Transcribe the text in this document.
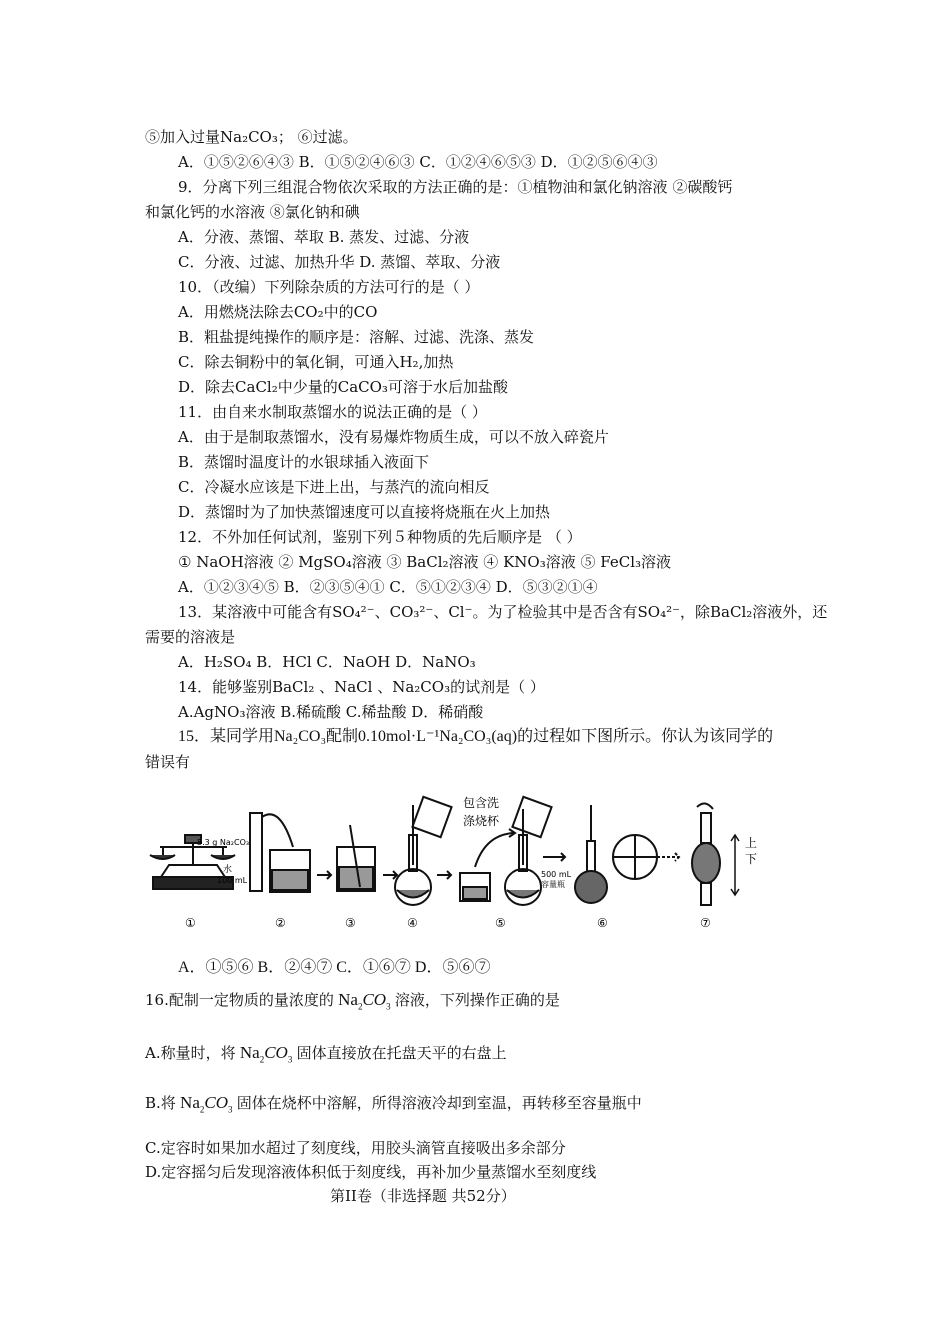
⑤加入过量Na₂CO₃； ⑥过滤。
A．①⑤②⑥④③ B．①⑤②④⑥③ C．①②④⑥⑤③ D．①②⑤⑥④③
9．分离下列三组混合物依次采取的方法正确的是：①植物油和氯化钠溶液 ②碳酸钙
和氯化钙的水溶液 ⑧氯化钠和碘
A．分液、蒸馏、萃取 B. 蒸发、过滤、分液
C．分液、过滤、加热升华 D. 蒸馏、萃取、分液
10．（改编）下列除杂质的方法可行的是（ ）
A．用燃烧法除去CO₂中的CO
B．粗盐提纯操作的顺序是：溶解、过滤、洗涤、蒸发
C．除去铜粉中的氧化铜，可通入H₂,加热
D．除去CaCl₂中少量的CaCO₃可溶于水后加盐酸
11．由自来水制取蒸馏水的说法正确的是（ ）
A．由于是制取蒸馏水，没有易爆炸物质生成，可以不放入碎瓷片
B．蒸馏时温度计的水银球插入液面下
C．冷凝水应该是下进上出，与蒸汽的流向相反
D．蒸馏时为了加快蒸馏速度可以直接将烧瓶在火上加热
12．不外加任何试剂，鉴别下列５种物质的先后顺序是 （ ）
① NaOH溶液 ② MgSO₄溶液 ③ BaCl₂溶液 ④ KNO₃溶液 ⑤ FeCl₃溶液
A．①②③④⑤ B．②③⑤④① C．⑤①②③④ D．⑤③②①④
13．某溶液中可能含有SO₄²⁻、CO₃²⁻、Cl⁻。为了检验其中是否含有SO₄²⁻，除BaCl₂溶液外，还
需要的溶液是
A．H₂SO₄ B．HCl C．NaOH D．NaNO₃
14．能够鉴别BaCl₂ 、NaCl 、Na₂CO₃的试剂是（ ）
A.AgNO₃溶液 B.稀硫酸 C.稀盐酸 D．稀硝酸
15．某同学用Na₂CO₃配制0.10mol·L⁻¹Na₂CO₃(aq)的过程如下图所示。你认为该同学的
错误有
5.3 g Na₂CO₃
水
100 mL
①	②	③	④
包含洗
涤烧杯
⑤
500 mL
容量瓶
⑥
上
下
⑦
A．①⑤⑥ B．②④⑦ C．①⑥⑦ D．⑤⑥⑦
16.配制一定物质的量浓度的 $Na_2CO_3$ 溶液，下列操作正确的是
A.称量时，将 $Na_2CO_3$ 固体直接放在托盘天平的右盘上
B.将 $Na_2CO_3$ 固体在烧杯中溶解，所得溶液冷却到室温，再转移至容量瓶中
C.定容时如果加水超过了刻度线，用胶头滴管直接吸出多余部分
D.定容摇匀后发现溶液体积低于刻度线，再补加少量蒸馏水至刻度线
第II卷（非选择题 共52分）
